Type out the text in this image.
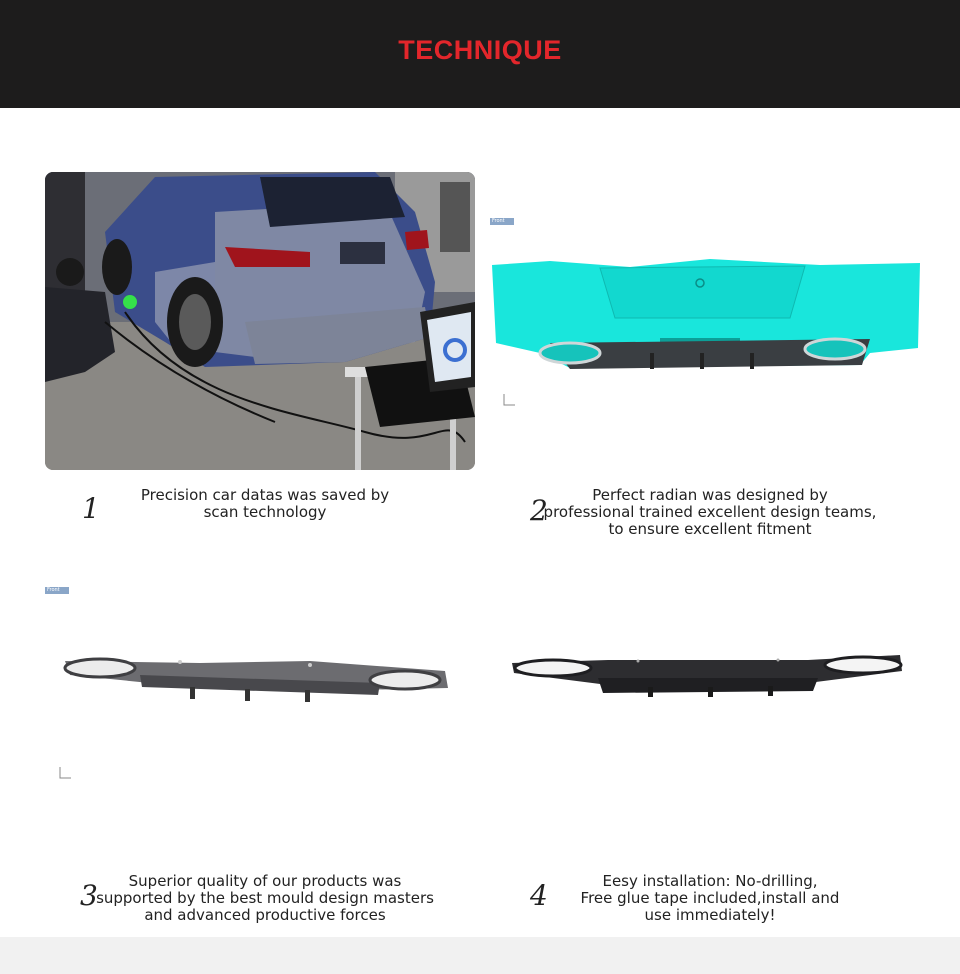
TECHNIQUE
Front
1	Precision car datas was saved by
scan technology	2	Perfect radian was designed by
professional trained excellent design teams,
to ensure excellent fitment
Front
3	Superior quality of our products was
supported by the best mould design masters
and advanced productive forces
4	Eesy installation: No-drilling,
Free glue tape included,install and
use immediately!
